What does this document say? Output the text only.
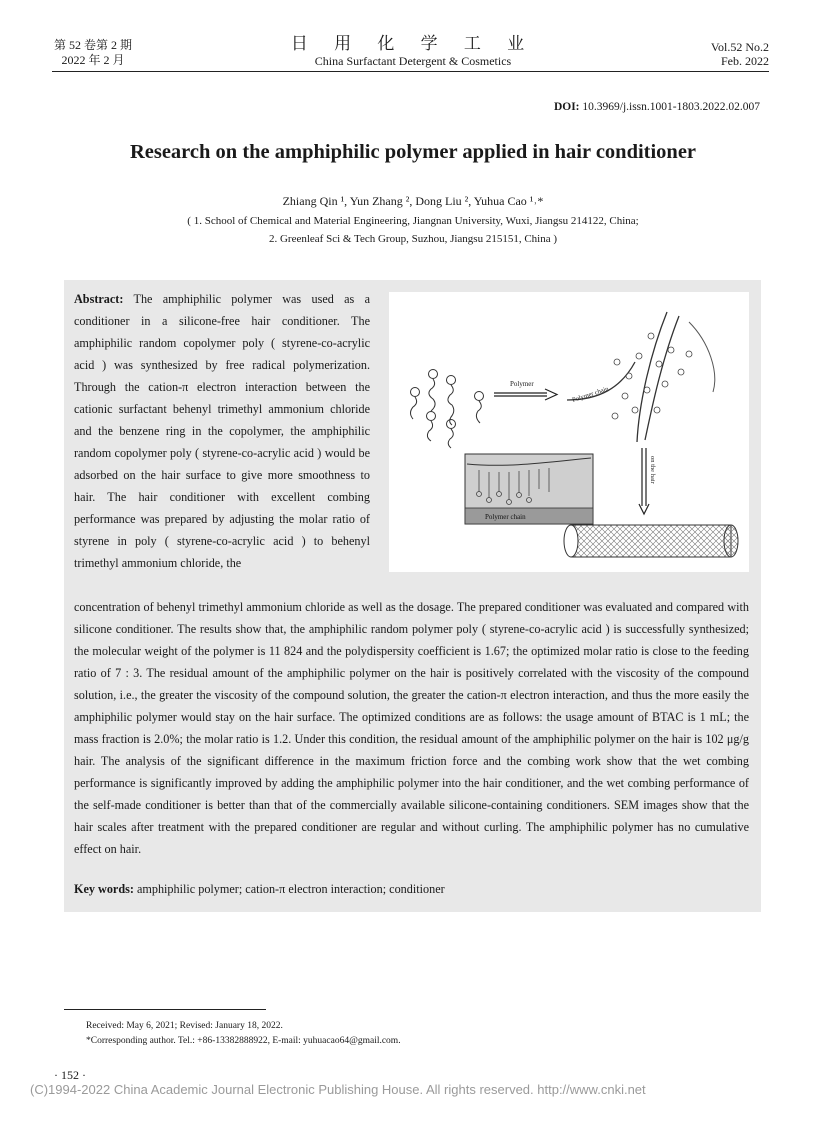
第 52 卷第 2 期
2022 年 2 月
日 用 化 学 工 业
China Surfactant Detergent & Cosmetics
Vol.52 No.2
Feb. 2022
DOI: 10.3969/j.issn.1001-1803.2022.02.007
Research on the amphiphilic polymer applied in hair conditioner
Zhiang Qin ¹, Yun Zhang ², Dong Liu ², Yuhua Cao ¹˒*
( 1. School of Chemical and Material Engineering, Jiangnan University, Wuxi, Jiangsu 214122, China;
2. Greenleaf Sci & Tech Group, Suzhou, Jiangsu 215151, China )
Abstract: The amphiphilic polymer was used as a conditioner in a silicone-free hair conditioner. The amphiphilic random copolymer poly ( styrene-co-acrylic acid ) was synthesized by free radical polymerization. Through the cation-π electron interaction between the cationic surfactant behenyl trimethyl ammonium chloride and the benzene ring in the copolymer, the amphiphilic random copolymer poly ( styrene-co-acrylic acid ) would be adsorbed on the hair surface to give more smoothness to hair. The hair conditioner with excellent combing performance was prepared by adjusting the molar ratio of styrene in poly ( styrene-co-acrylic acid ) to behenyl trimethyl ammonium chloride, the
Polymer
Polymer chain
on the hair
Polymer chain
concentration of behenyl trimethyl ammonium chloride as well as the dosage. The prepared conditioner was evaluated and compared with silicone conditioner. The results show that, the amphiphilic random polymer poly ( styrene-co-acrylic acid ) is successfully synthesized; the molecular weight of the polymer is 11 824 and the polydispersity coefficient is 1.67; the optimized molar ratio is close to the feeding ratio of 7 : 3. The residual amount of the amphiphilic polymer on the hair is positively correlated with the viscosity of the compound solution, i.e., the greater the viscosity of the compound solution, the greater the cation-π electron interaction, and thus the more easily the amphiphilic polymer would stay on the hair surface. The optimized conditions are as follows: the usage amount of BTAC is 1 mL; the mass fraction is 2.0%; the molar ratio is 1.2. Under this condition, the residual amount of the amphiphilic polymer on the hair is 102 μg/g hair. The analysis of the significant difference in the maximum friction force and the combing work show that the wet combing performance is significantly improved by adding the amphiphilic polymer into the hair conditioner, and the wet combing performance of the self-made conditioner is better than that of the commercially available silicone-containing conditioners. SEM images show that the hair scales after treatment with the prepared conditioner are regular and without curling. The amphiphilic polymer has no cumulative effect on hair.
Key words: amphiphilic polymer; cation-π electron interaction; conditioner
Received: May 6, 2021; Revised: January 18, 2022.
*Corresponding author. Tel.: +86-13382888922, E-mail: yuhuacao64@gmail.com.
· 152 ·
(C)1994-2022 China Academic Journal Electronic Publishing House. All rights reserved. http://www.cnki.net
